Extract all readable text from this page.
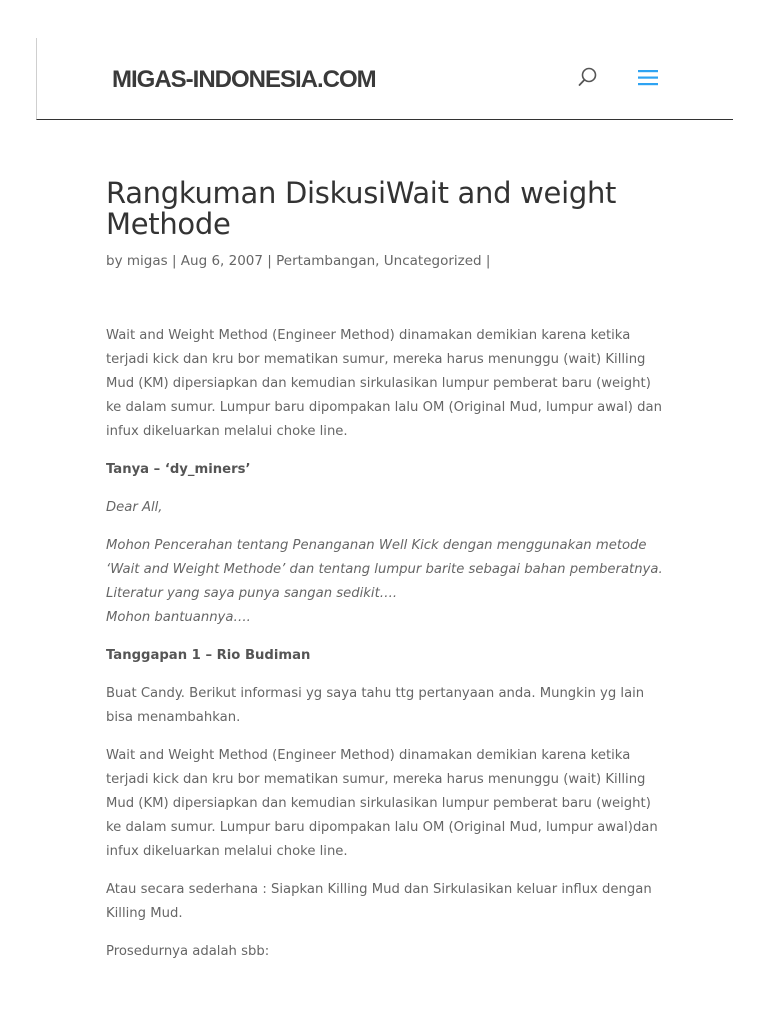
MIGAS-INDONESIA.COM
Rangkuman DiskusiWait and weight Methode
by migas | Aug 6, 2007 | Pertambangan, Uncategorized |

Wait and Weight Method (Engineer Method) dinamakan demikian karena ketika terjadi kick dan kru bor mematikan sumur, mereka harus menunggu (wait) Killing Mud (KM) dipersiapkan dan kemudian sirkulasikan lumpur pemberat baru (weight) ke dalam sumur. Lumpur baru dipompakan lalu OM (Original Mud, lumpur awal) dan infux dikeluarkan melalui choke line.

Tanya – ‘dy_miners’

Dear All,

Mohon Pencerahan tentang Penanganan Well Kick dengan menggunakan metode ‘Wait and Weight Methode’ dan tentang lumpur barite sebagai bahan pemberatnya. Literatur yang saya punya sangan sedikit….
Mohon bantuannya….

Tanggapan 1 – Rio Budiman

Buat Candy. Berikut informasi yg saya tahu ttg pertanyaan anda. Mungkin yg lain bisa menambahkan.

Wait and Weight Method (Engineer Method) dinamakan demikian karena ketika terjadi kick dan kru bor mematikan sumur, mereka harus menunggu (wait) Killing Mud (KM) dipersiapkan dan kemudian sirkulasikan lumpur pemberat baru (weight) ke dalam sumur. Lumpur baru dipompakan lalu OM (Original Mud, lumpur awal)dan infux dikeluarkan melalui choke line.

Atau secara sederhana : Siapkan Killing Mud dan Sirkulasikan keluar influx dengan Killing Mud.

Prosedurnya adalah sbb:
